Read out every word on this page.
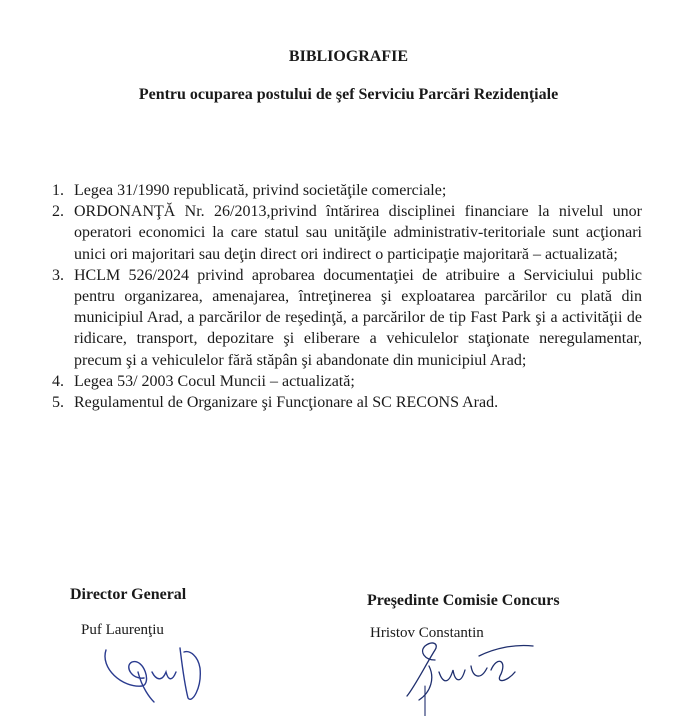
BIBLIOGRAFIE
Pentru ocuparea postului de şef Serviciu Parcări Rezidenţiale
1. Legea 31/1990 republicată, privind societăţile comerciale;
2. ORDONANŢĂ Nr. 26/2013,privind întărirea disciplinei financiare la nivelul unor operatori economici la care statul sau unităţile administrativ-teritoriale sunt acţionari unici ori majoritari sau deţin direct ori indirect o participaţie majoritară – actualizată;
3. HCLM 526/2024 privind aprobarea documentaţiei de atribuire a Serviciului public pentru organizarea, amenajarea, întreţinerea şi exploatarea parcărilor cu plată din municipiul Arad, a parcărilor de reşedinţă, a parcărilor de tip Fast Park şi a activităţii de ridicare, transport, depozitare şi eliberare a vehiculelor staţionate neregulamentar, precum şi a vehiculelor fără stăpân şi abandonate din municipiul Arad;
4. Legea 53/ 2003 Cocul Muncii – actualizată;
5. Regulamentul de Organizare şi Funcţionare al SC RECONS Arad.
Director General
Puf Laurenţiu
Preşedinte Comisie Concurs
Hristov Constantin
